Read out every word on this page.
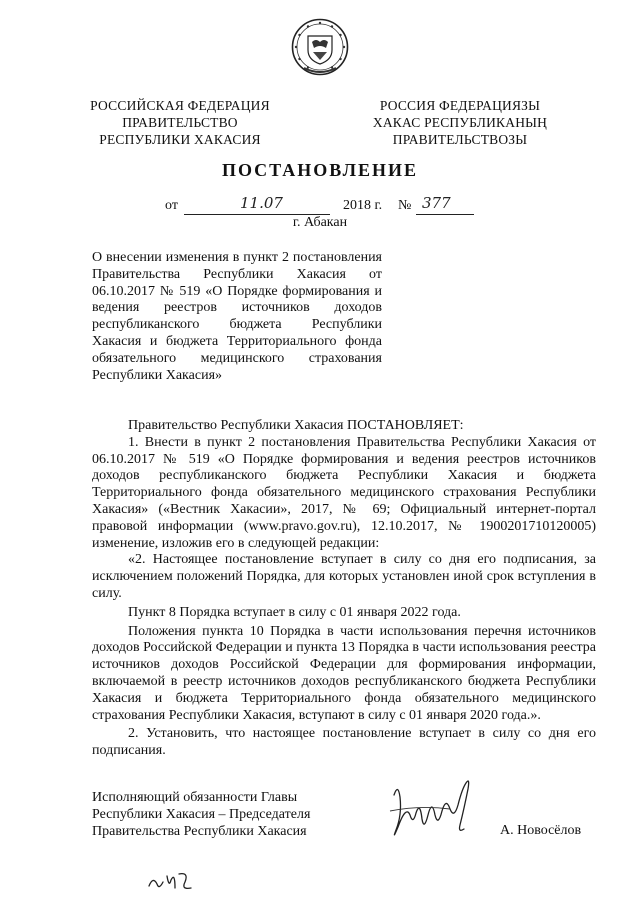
РОССИЙСКАЯ ФЕДЕРАЦИЯ
ПРАВИТЕЛЬСТВО
РЕСПУБЛИКИ ХАКАСИЯ
РОССИЯ ФЕДЕРАЦИЯЗЫ
ХАКАС РЕСПУБЛИКАНЫҢ
ПРАВИТЕЛЬСТВОЗЫ
ПОСТАНОВЛЕНИЕ
от	11.07	2018 г. № 377
г. Абакан
О внесении изменения в пункт 2 постановления
Правительства Республики Хакасия от
06.10.2017 № 519 «О Порядке формирования и
ведения реестров источников доходов
республиканского бюджета Республики
Хакасия и бюджета Территориального фонда
обязательного медицинского страхования
Республики Хакасия»

Правительство Республики Хакасия ПОСТАНОВЛЯЕТ:

1. Внести в пункт 2 постановления Правительства Республики Хакасия от 06.10.2017 № 519 «О Порядке формирования и ведения реестров источников доходов республиканского бюджета Республики Хакасия и бюджета Территориального фонда обязательного медицинского страхования Республики Хакасия» («Вестник Хакасии», 2017, № 69; Официальный интернет-портал правовой информации (www.pravo.gov.ru), 12.10.2017, № 1900201710120005) изменение, изложив его в следующей редакции:

«2. Настоящее постановление вступает в силу со дня его подписания, за исключением положений Порядка, для которых установлен иной срок вступления в силу.

Пункт 8 Порядка вступает в силу с 01 января 2022 года.

Положения пункта 10 Порядка в части использования перечня источников доходов Российской Федерации и пункта 13 Порядка в части использования реестра источников доходов Российской Федерации для формирования информации, включаемой в реестр источников доходов республиканского бюджета Республики Хакасия и бюджета Территориального фонда обязательного медицинского страхования Республики Хакасия, вступают в силу с 01 января 2020 года.».

2. Установить, что настоящее постановление вступает в силу со дня его подписания.

Исполняющий обязанности Главы
Республики Хакасия – Председателя
Правительства Республики Хакасия	А. Новосёлов
